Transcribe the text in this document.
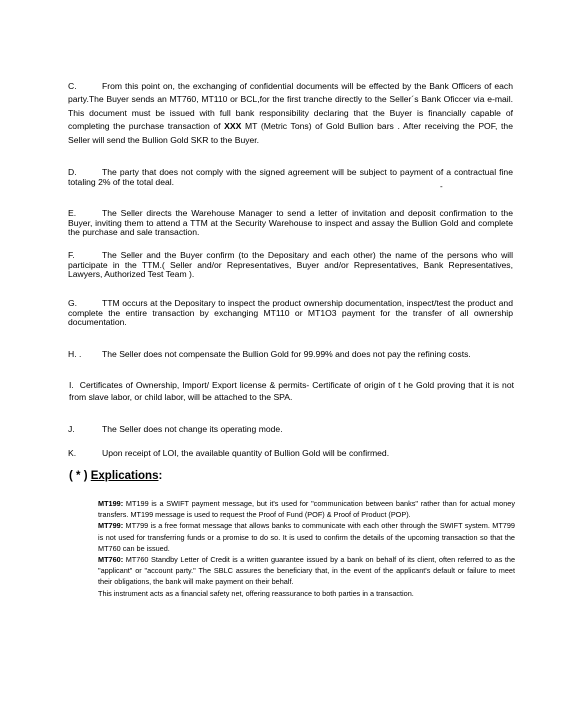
C.	From this point on, the exchanging of confidential documents will be effected by the Bank Officers of each party.The Buyer sends an MT760, MT110 or BCL,for the first tranche directly to the Seller´s Bank Oficcer via e-mail. This document must be issued with full bank responsibility declaring that the Buyer is financially capable of completing the purchase transaction of XXX MT (Metric Tons) of Gold Bullion bars . After receiving the POF, the Seller will send the Bullion Gold SKR to the Buyer.

D.	The party that does not comply with the signed agreement will be subject to payment of a contractual fine totaling 2% of the total deal.	-

E.	The Seller directs the Warehouse Manager to send a letter of invitation and deposit confirmation to the Buyer, inviting them to attend a TTM at the Security Warehouse to inspect and assay the Bullion Gold and complete the purchase and sale transaction.

F.	The Seller and the Buyer confirm (to the Depositary and each other) the name of the persons who will participate in the TTM.( Seller and/or Representatives, Buyer and/or Representatives, Bank Representatives, Lawyers, Authorized Test Team ).

G.	TTM occurs at the Depositary to inspect the product ownership documentation, inspect/test the product and complete the entire transaction by exchanging MT110 or MT1O3 payment for the transfer of all ownership documentation.

H. . The Seller does not compensate the Bullion Gold for 99.99% and does not pay the refining costs.

I. Certificates of Ownership, Import/ Export license & permits- Certificate of origin of t he Gold proving that it is not from slave labor, or child labor, will be attached to the SPA.

J.	The Seller does not change its operating mode.

K.	Upon receipt of LOI, the available quantity of Bullion Gold will be confirmed.

( * ) Explications:

MT199: MT199 is a SWIFT payment message, but it's used for "communication between banks" rather than for actual money transfers. MT199 message is used to request the Proof of Fund (POF) & Proof of Product (POP).

MT799: MT799 is a free format message that allows banks to communicate with each other through the SWIFT system. MT799 is not used for transferring funds or a promise to do so. It is used to confirm the details of the upcoming transaction so that the MT760 can be issued.

MT760: MT760 Standby Letter of Credit is a written guarantee issued by a bank on behalf of its client, often referred to as the "applicant" or "account party." The SBLC assures the beneficiary that, in the event of the applicant's default or failure to meet their obligations, the bank will make payment on their behalf.

This instrument acts as a financial safety net, offering reassurance to both parties in a transaction.
